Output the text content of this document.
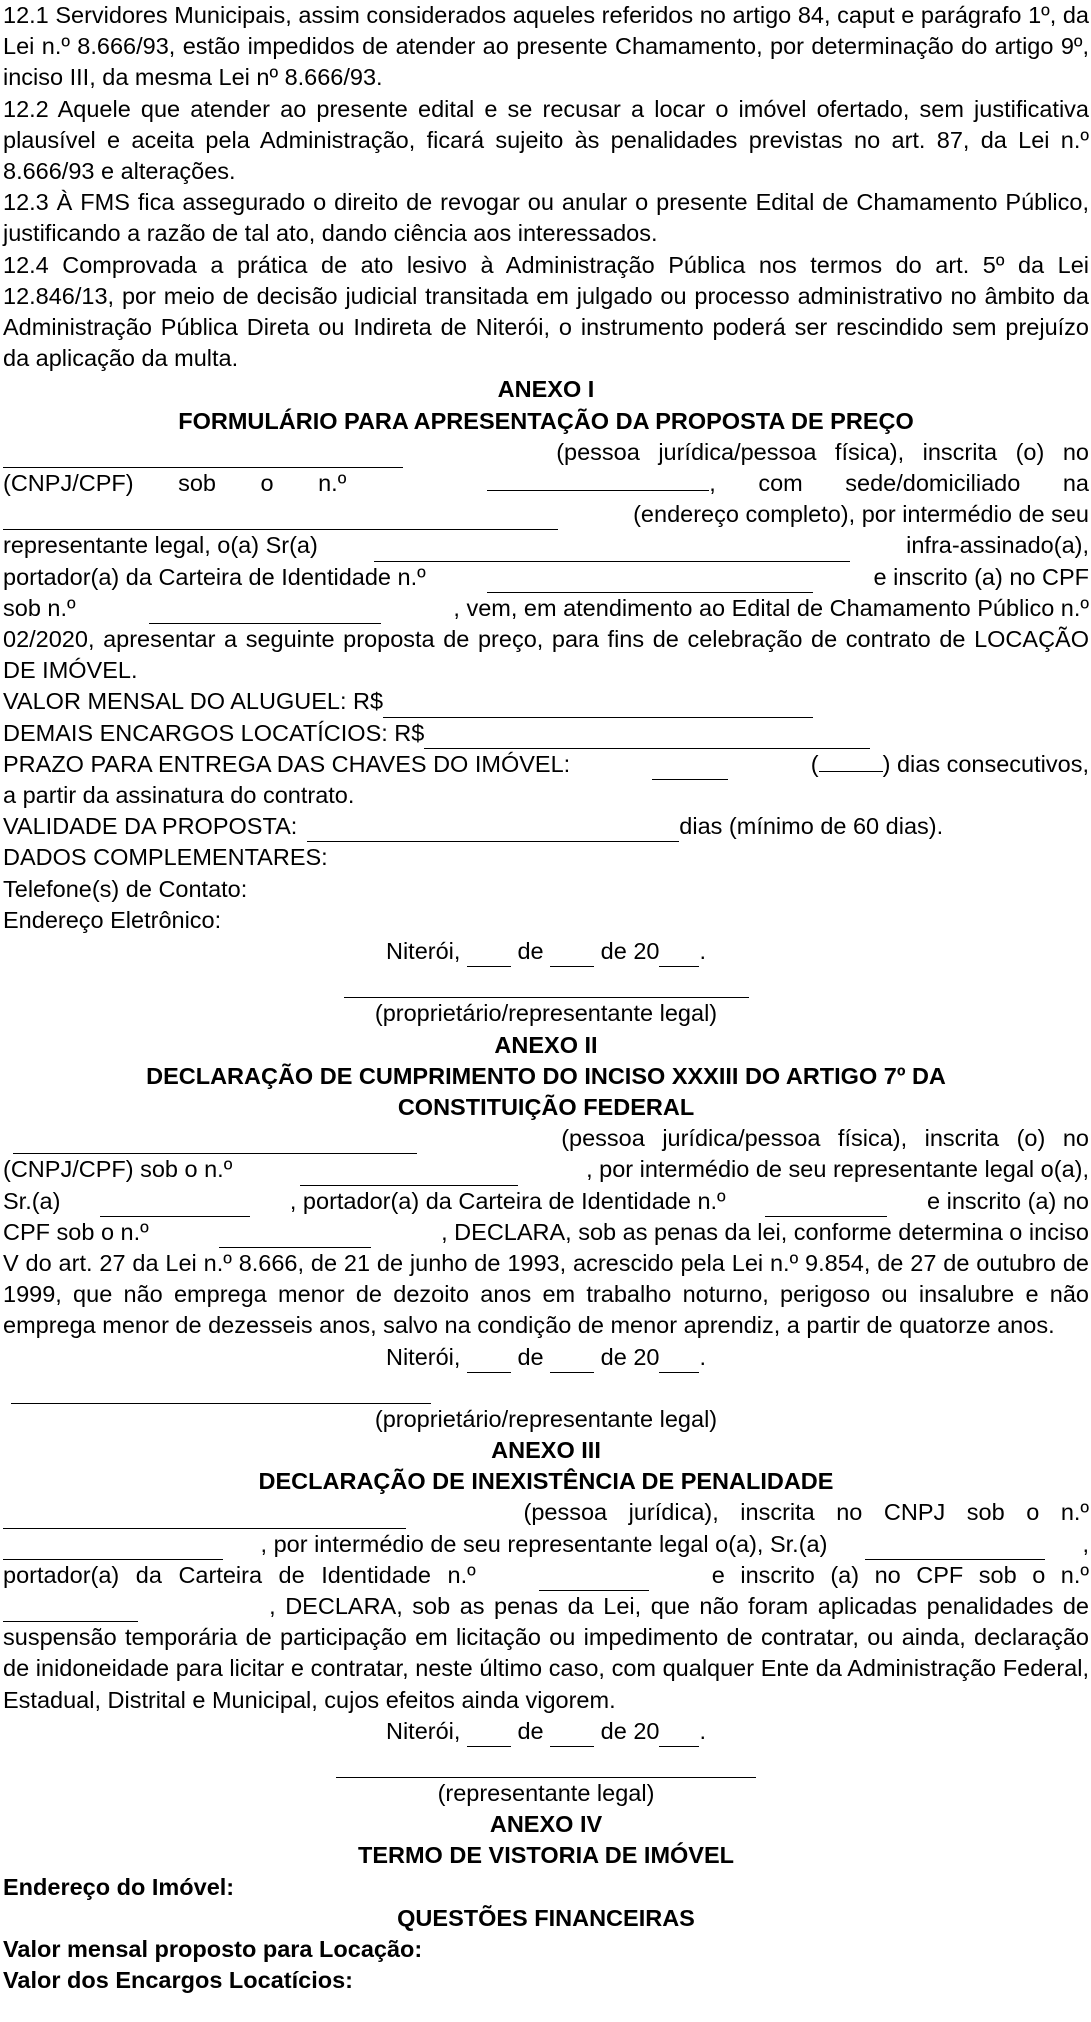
12.1 Servidores Municipais, assim considerados aqueles referidos no artigo 84, caput e parágrafo 1º, da Lei n.º 8.666/93, estão impedidos de atender ao presente Chamamento, por determinação do artigo 9º, inciso III, da mesma Lei nº 8.666/93.

12.2 Aquele que atender ao presente edital e se recusar a locar o imóvel ofertado, sem justificativa plausível e aceita pela Administração, ficará sujeito às penalidades previstas no art. 87, da Lei n.º 8.666/93 e alterações.

12.3 À FMS fica assegurado o direito de revogar ou anular o presente Edital de Chamamento Público, justificando a razão de tal ato, dando ciência aos interessados.

12.4 Comprovada a prática de ato lesivo à Administração Pública nos termos do art. 5º da Lei 12.846/13, por meio de decisão judicial transitada em julgado ou processo administrativo no âmbito da Administração Pública Direta ou Indireta de Niterói, o instrumento poderá ser rescindido sem prejuízo da aplicação da multa.

ANEXO I

FORMULÁRIO PARA APRESENTAÇÃO DA PROPOSTA DE PREÇO

(pessoa jurídica/pessoa física), inscrita (o) no
(CNPJ/CPF) sob o n.º	, com sede/domiciliado na
(endereço completo), por intermédio de seu
representante legal, o(a) Sr(a)	infra-assinado(a),
portador(a) da Carteira de Identidade n.º	e inscrito (a) no CPF
sob n.º	, vem, em atendimento ao Edital de Chamamento Público n.º

02/2020, apresentar a seguinte proposta de preço, para fins de celebração de contrato de LOCAÇÃO DE IMÓVEL.

VALOR MENSAL DO ALUGUEL: R$
DEMAIS ENCARGOS LOCATÍCIOS: R$
PRAZO PARA ENTREGA DAS CHAVES DO IMÓVEL:	(	) dias consecutivos,

a partir da assinatura do contrato.

VALIDADE DA PROPOSTA:	dias (mínimo de 60 dias).

DADOS COMPLEMENTARES:

Telefone(s) de Contato:

Endereço Eletrônico:

Niterói,

de

de 20 .

(proprietário/representante legal)

ANEXO II

DECLARAÇÃO DE CUMPRIMENTO DO INCISO XXXIII DO ARTIGO 7º DA

CONSTITUIÇÃO FEDERAL

(pessoa jurídica/pessoa física), inscrita (o) no
(CNPJ/CPF) sob o n.º	, por intermédio de seu representante legal o(a),
Sr.(a)	, portador(a) da Carteira de Identidade n.º	e inscrito (a) no
CPF sob o n.º	, DECLARA, sob as penas da lei, conforme determina o inciso

V do art. 27 da Lei n.º 8.666, de 21 de junho de 1993, acrescido pela Lei n.º 9.854, de 27 de outubro de 1999, que não emprega menor de dezoito anos em trabalho noturno, perigoso ou insalubre e não emprega menor de dezesseis anos, salvo na condição de menor aprendiz, a partir de quatorze anos.

Niterói,

de

de 20 .

(proprietário/representante legal)

ANEXO III

DECLARAÇÃO DE INEXISTÊNCIA DE PENALIDADE

(pessoa jurídica), inscrita no CNPJ sob o n.º
, por intermédio de seu representante legal o(a), Sr.(a)	,
portador(a) da Carteira de Identidade n.º	e inscrito (a) no CPF sob o n.º
, DECLARA, sob as penas da Lei, que não foram aplicadas penalidades de

suspensão temporária de participação em licitação ou impedimento de contratar, ou ainda, declaração de inidoneidade para licitar e contratar, neste último caso, com qualquer Ente da Administração Federal, Estadual, Distrital e Municipal, cujos efeitos ainda vigorem.

Niterói,

de

de 20 .

(representante legal)

ANEXO IV

TERMO DE VISTORIA DE IMÓVEL

Endereço do Imóvel:

QUESTÕES FINANCEIRAS

Valor mensal proposto para Locação:

Valor dos Encargos Locatícios:
